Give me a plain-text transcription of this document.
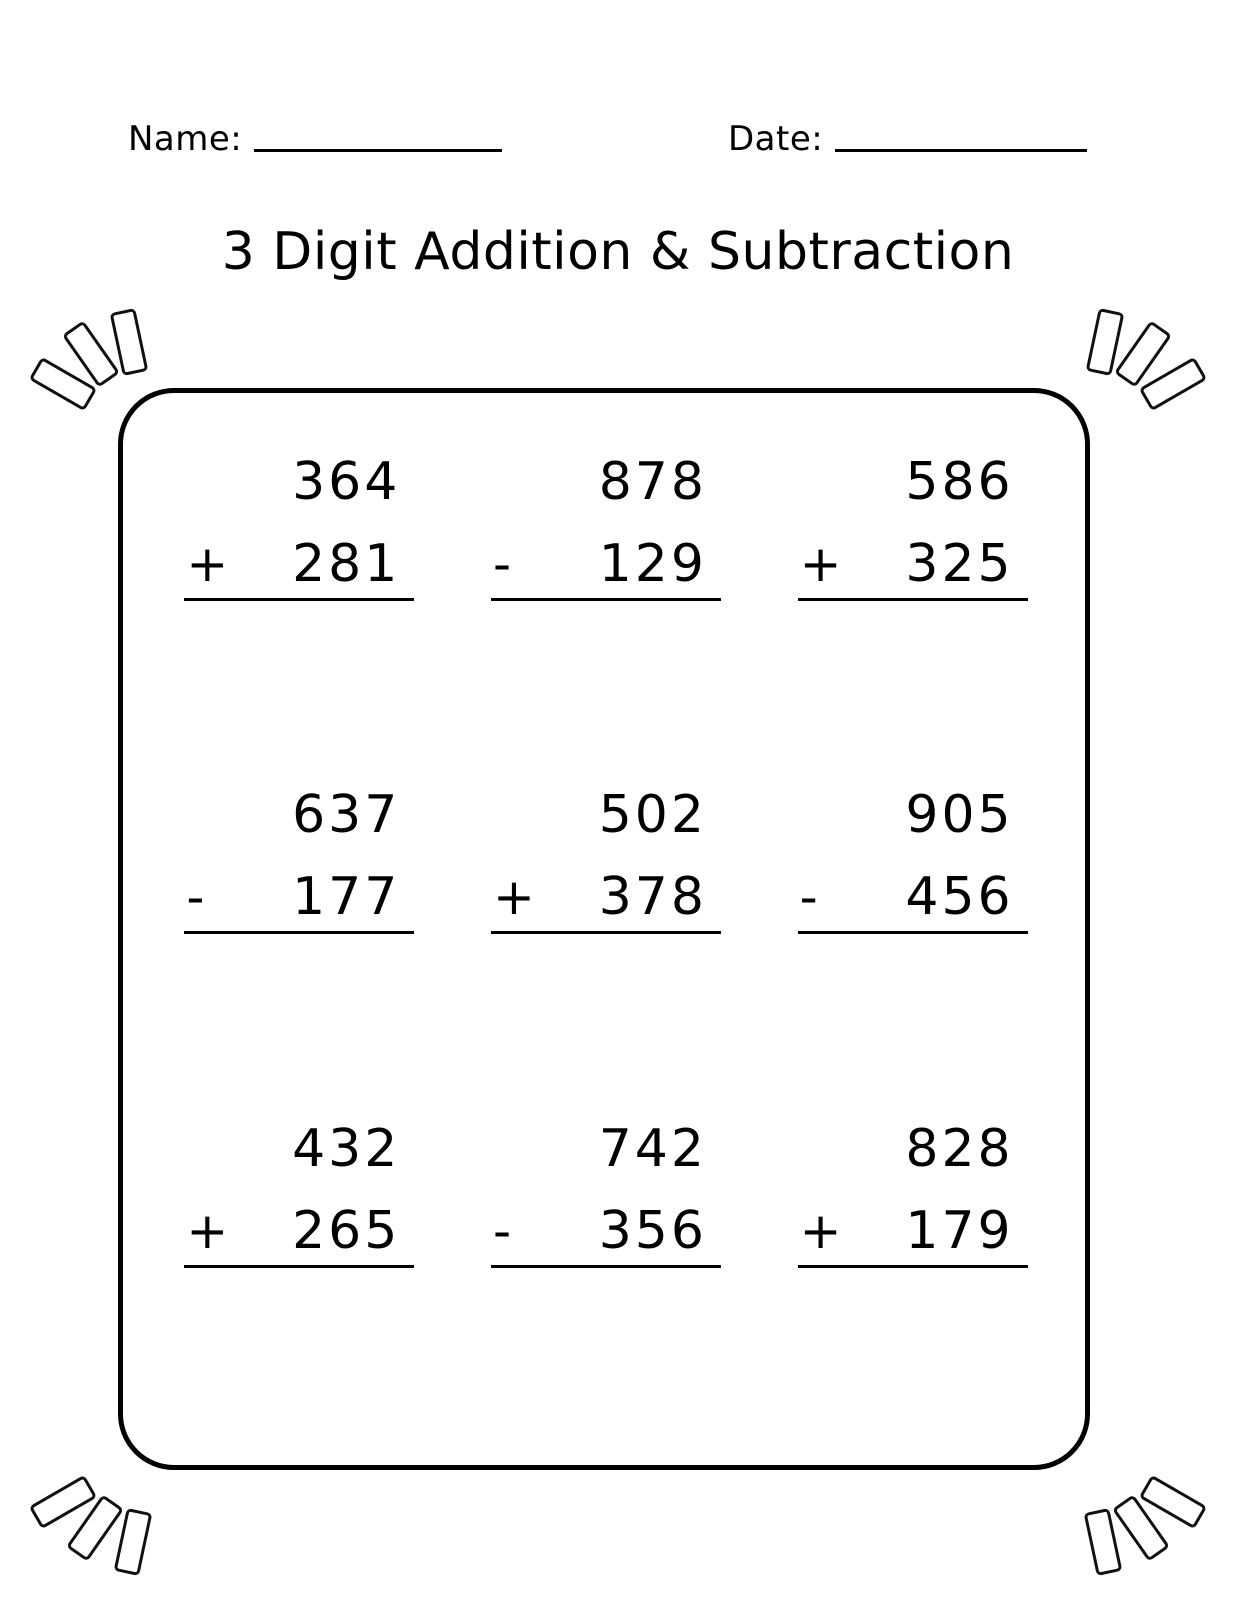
Name:	Date:
3 Digit Addition & Subtraction
364
+ 281
878
- 129
586
+ 325
637
- 177
502
+ 378
905
- 456
432
+ 265
742
- 356
828
+ 179
